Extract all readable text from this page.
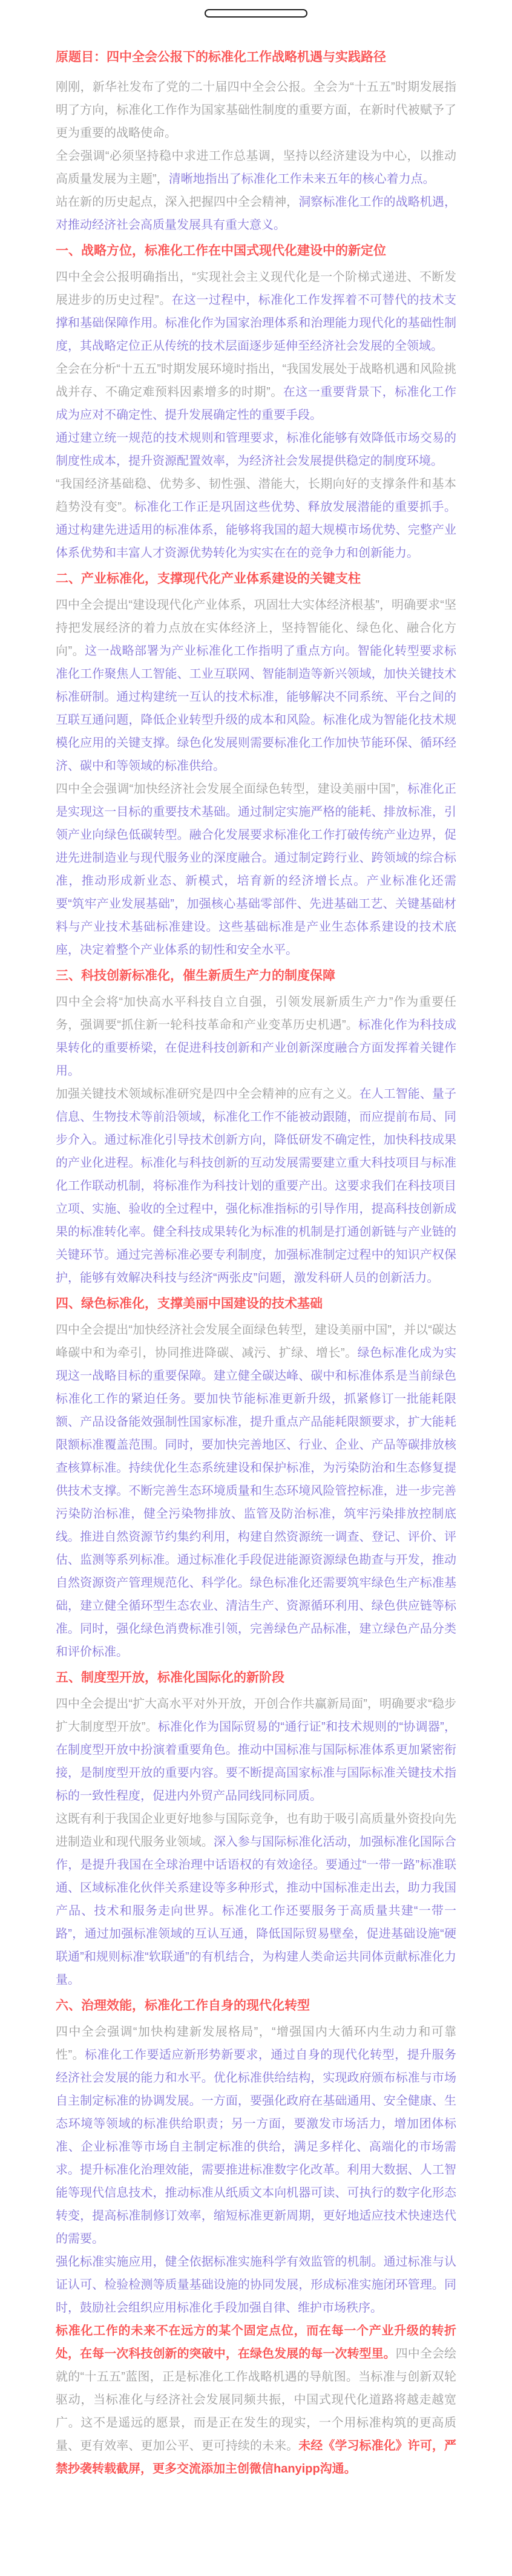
原题目：四中全会公报下的标准化工作战略机遇与实践路径

刚刚，新华社发布了党的二十届四中全会公报。全会为“十五五”时期发展指明了方向，标准化工作作为国家基础性制度的重要方面，在新时代被赋予了更为重要的战略使命。

全会强调“必须坚持稳中求进工作总基调，坚持以经济建设为中心，以推动高质量发展为主题”，清晰地指出了标准化工作未来五年的核心着力点。

站在新的历史起点，深入把握四中全会精神，洞察标准化工作的战略机遇，对推动经济社会高质量发展具有重大意义。

一、战略方位，标准化工作在中国式现代化建设中的新定位

四中全会公报明确指出，“实现社会主义现代化是一个阶梯式递进、不断发展进步的历史过程”。在这一过程中，标准化工作发挥着不可替代的技术支撑和基础保障作用。标准化作为国家治理体系和治理能力现代化的基础性制度，其战略定位正从传统的技术层面逐步延伸至经济社会发展的全领域。

全会在分析“十五五”时期发展环境时指出，“我国发展处于战略机遇和风险挑战并存、不确定难预料因素增多的时期”。在这一重要背景下，标准化工作成为应对不确定性、提升发展确定性的重要手段。

通过建立统一规范的技术规则和管理要求，标准化能够有效降低市场交易的制度性成本，提升资源配置效率，为经济社会发展提供稳定的制度环境。

“我国经济基础稳、优势多、韧性强、潜能大，长期向好的支撑条件和基本趋势没有变”。标准化工作正是巩固这些优势、释放发展潜能的重要抓手。通过构建先进适用的标准体系，能够将我国的超大规模市场优势、完整产业体系优势和丰富人才资源优势转化为实实在在的竞争力和创新能力。

二、产业标准化，支撑现代化产业体系建设的关键支柱

四中全会提出“建设现代化产业体系，巩固壮大实体经济根基”，明确要求“坚持把发展经济的着力点放在实体经济上，坚持智能化、绿色化、融合化方向”。这一战略部署为产业标准化工作指明了重点方向。智能化转型要求标准化工作聚焦人工智能、工业互联网、智能制造等新兴领域，加快关键技术标准研制。通过构建统一互认的技术标准，能够解决不同系统、平台之间的互联互通问题，降低企业转型升级的成本和风险。标准化成为智能化技术规模化应用的关键支撑。绿色化发展则需要标准化工作加快节能环保、循环经济、碳中和等领域的标准供给。

四中全会强调“加快经济社会发展全面绿色转型，建设美丽中国”，标准化正是实现这一目标的重要技术基础。通过制定实施严格的能耗、排放标准，引领产业向绿色低碳转型。融合化发展要求标准化工作打破传统产业边界，促进先进制造业与现代服务业的深度融合。通过制定跨行业、跨领域的综合标准，推动形成新业态、新模式，培育新的经济增长点。产业标准化还需要“筑牢产业发展基础”，加强核心基础零部件、先进基础工艺、关键基础材料与产业技术基础标准建设。这些基础标准是产业生态体系建设的技术底座，决定着整个产业体系的韧性和安全水平。

三、科技创新标准化，催生新质生产力的制度保障

四中全会将“加快高水平科技自立自强，引领发展新质生产力”作为重要任务，强调要“抓住新一轮科技革命和产业变革历史机遇”。标准化作为科技成果转化的重要桥梁，在促进科技创新和产业创新深度融合方面发挥着关键作用。

加强关键技术领域标准研究是四中全会精神的应有之义。在人工智能、量子信息、生物技术等前沿领域，标准化工作不能被动跟随，而应提前布局、同步介入。通过标准化引导技术创新方向，降低研发不确定性，加快科技成果的产业化进程。标准化与科技创新的互动发展需要建立重大科技项目与标准化工作联动机制，将标准作为科技计划的重要产出。这要求我们在科技项目立项、实施、验收的全过程中，强化标准指标的引导作用，提高科技创新成果的标准转化率。健全科技成果转化为标准的机制是打通创新链与产业链的关键环节。通过完善标准必要专利制度，加强标准制定过程中的知识产权保护，能够有效解决科技与经济“两张皮”问题，激发科研人员的创新活力。

四、绿色标准化，支撑美丽中国建设的技术基础

四中全会提出“加快经济社会发展全面绿色转型，建设美丽中国”，并以“碳达峰碳中和为牵引，协同推进降碳、减污、扩绿、增长”。绿色标准化成为实现这一战略目标的重要保障。建立健全碳达峰、碳中和标准体系是当前绿色标准化工作的紧迫任务。要加快节能标准更新升级，抓紧修订一批能耗限额、产品设备能效强制性国家标准，提升重点产品能耗限额要求，扩大能耗限额标准覆盖范围。同时，要加快完善地区、行业、企业、产品等碳排放核查核算标准。持续优化生态系统建设和保护标准，为污染防治和生态修复提供技术支撑。不断完善生态环境质量和生态环境风险管控标准，进一步完善污染防治标准，健全污染物排放、监管及防治标准，筑牢污染排放控制底线。推进自然资源节约集约利用，构建自然资源统一调查、登记、评价、评估、监测等系列标准。通过标准化手段促进能源资源绿色勘查与开发，推动自然资源资产管理规范化、科学化。绿色标准化还需要筑牢绿色生产标准基础，建立健全循环型生态农业、清洁生产、资源循环利用、绿色供应链等标准。同时，强化绿色消费标准引领，完善绿色产品标准，建立绿色产品分类和评价标准。

五、制度型开放，标准化国际化的新阶段

四中全会提出“扩大高水平对外开放，开创合作共赢新局面”，明确要求“稳步扩大制度型开放”。标准化作为国际贸易的“通行证”和技术规则的“协调器”，在制度型开放中扮演着重要角色。推动中国标准与国际标准体系更加紧密衔接，是制度型开放的重要内容。要不断提高国家标准与国际标准关键技术指标的一致性程度，促进内外贸产品同线同标同质。

这既有利于我国企业更好地参与国际竞争，也有助于吸引高质量外资投向先进制造业和现代服务业领域。深入参与国际标准化活动，加强标准化国际合作，是提升我国在全球治理中话语权的有效途径。要通过“一带一路”标准联通、区域标准化伙伴关系建设等多种形式，推动中国标准走出去，助力我国产品、技术和服务走向世界。标准化工作还要服务于高质量共建“一带一路”，通过加强标准领域的互认互通，降低国际贸易壁垒，促进基础设施“硬联通”和规则标准“软联通”的有机结合，为构建人类命运共同体贡献标准化力量。

六、治理效能，标准化工作自身的现代化转型

四中全会强调“加快构建新发展格局”，“增强国内大循环内生动力和可靠性”。标准化工作要适应新形势新要求，通过自身的现代化转型，提升服务经济社会发展的能力和水平。优化标准供给结构，实现政府颁布标准与市场自主制定标准的协调发展。一方面，要强化政府在基础通用、安全健康、生态环境等领域的标准供给职责；另一方面，要激发市场活力，增加团体标准、企业标准等市场自主制定标准的供给，满足多样化、高端化的市场需求。提升标准化治理效能，需要推进标准数字化改革。利用大数据、人工智能等现代信息技术，推动标准从纸质文本向机器可读、可执行的数字化形态转变，提高标准制修订效率，缩短标准更新周期，更好地适应技术快速迭代的需要。

强化标准实施应用，健全依据标准实施科学有效监管的机制。通过标准与认证认可、检验检测等质量基础设施的协同发展，形成标准实施闭环管理。同时，鼓励社会组织应用标准化手段加强自律、维护市场秩序。

标准化工作的未来不在远方的某个固定点位，而在每一个产业升级的转折处，在每一次科技创新的突破中，在绿色发展的每一次转型里。四中全会绘就的“十五五”蓝图，正是标准化工作战略机遇的导航图。当标准与创新双轮驱动，当标准化与经济社会发展同频共振，中国式现代化道路将越走越宽广。这不是遥远的愿景，而是正在发生的现实，一个用标准构筑的更高质量、更有效率、更加公平、更可持续的未来。未经《学习标准化》许可，严禁抄袭转载截屏，更多交流添加主创微信hanyipp沟通。
